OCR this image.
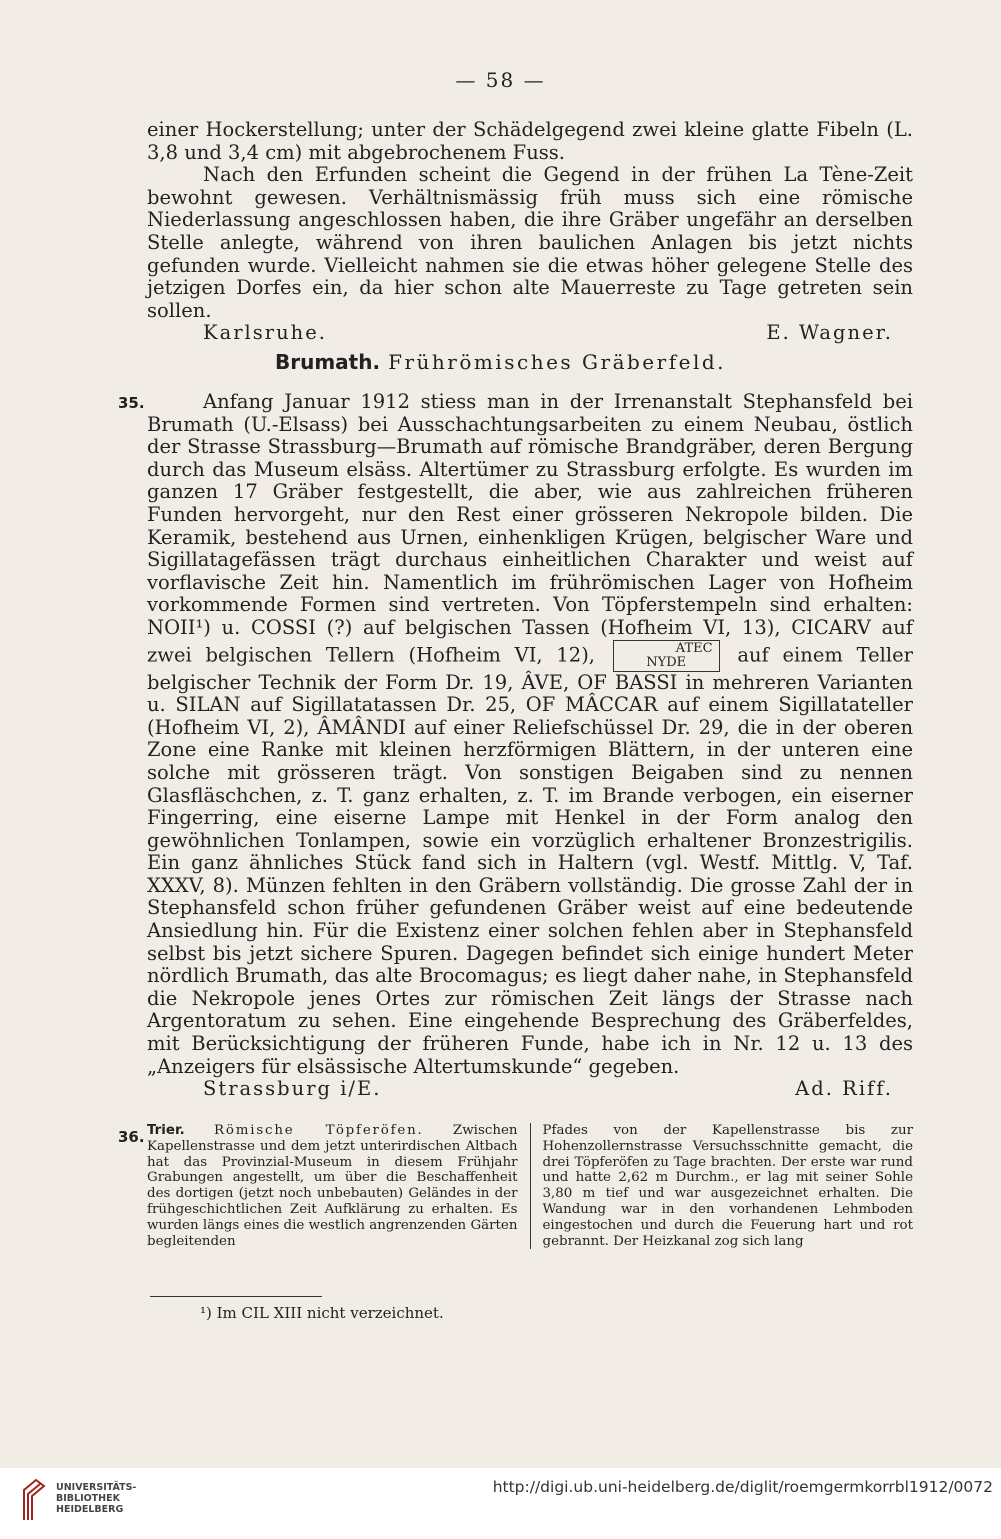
— 58 —

einer Hockerstellung; unter der Schädelgegend zwei kleine glatte Fibeln (L. 3,8 und 3,4 cm) mit abgebrochenem Fuss.

Nach den Erfunden scheint die Gegend in der frühen La Tène-Zeit bewohnt gewesen. Verhältnismässig früh muss sich eine römische Niederlassung angeschlossen haben, die ihre Gräber ungefähr an derselben Stelle anlegte, während von ihren baulichen Anlagen bis jetzt nichts gefunden wurde. Vielleicht nahmen sie die etwas höher gelegene Stelle des jetzigen Dorfes ein, da hier schon alte Mauerreste zu Tage getreten sein sollen.

Karlsruhe.	E. Wagner.
Brumath. Frührömisches Gräberfeld.
35.	Anfang Januar 1912 stiess man in der Irrenanstalt Stephansfeld bei Brumath (U.-Elsass) bei Ausschachtungsarbeiten zu einem Neubau, östlich der Strasse Strassburg—Brumath auf römische Brandgräber, deren Bergung durch das Museum elsäss. Altertümer zu Strassburg erfolgte. Es wurden im ganzen 17 Gräber festgestellt, die aber, wie aus zahlreichen früheren Funden hervorgeht, nur den Rest einer grösseren Nekropole bilden. Die Keramik, bestehend aus Urnen, einhenkligen Krügen, belgischer Ware und Sigillatagefässen trägt durchaus einheitlichen Charakter und weist auf vorflavische Zeit hin. Namentlich im frührömischen Lager von Hofheim vorkommende Formen sind vertreten. Von Töpferstempeln sind erhalten: NOII¹) u. COSSI (?) auf belgischen Tassen (Hofheim VI, 13), CICARV auf zwei belgischen Tellern (Hofheim VI, 12),	ATEC
NYDE	auf einem Teller belgischer Technik der Form Dr. 19, ÂVE, OF BASSI in mehreren Varianten u. SILAN auf Sigillatatassen Dr. 25, OF MÂCCAR auf einem Sigillatateller (Hofheim VI, 2), ÂMÂNDI auf einer Reliefschüssel Dr. 29, die in der oberen Zone eine Ranke mit kleinen herzförmigen Blättern, in der unteren eine solche mit grösseren trägt. Von sonstigen Beigaben sind zu nennen Glasfläschchen, z. T. ganz erhalten, z. T. im Brande verbogen, ein eiserner Fingerring, eine eiserne Lampe mit Henkel in der Form analog den gewöhnlichen Tonlampen, sowie ein vorzüglich erhaltener Bronzestrigilis. Ein ganz ähnliches Stück fand sich in Haltern (vgl. Westf. Mittlg. V, Taf. XXXV, 8). Münzen fehlten in den Gräbern vollständig. Die grosse Zahl der in Stephansfeld schon früher gefundenen Gräber weist auf eine bedeutende Ansiedlung hin. Für die Existenz einer solchen fehlen aber in Stephansfeld selbst bis jetzt sichere Spuren. Dagegen befindet sich einige hundert Meter nördlich Brumath, das alte Brocomagus; es liegt daher nahe, in Stephansfeld die Nekropole jenes Ortes zur römischen Zeit längs der Strasse nach Argentoratum zu sehen. Eine eingehende Besprechung des Gräberfeldes, mit Berücksichtigung der früheren Funde, habe ich in Nr. 12 u. 13 des „Anzeigers für elsässische Altertumskunde“ gegeben.

Strassburg i/E.	Ad. Riff.
36. Trier. Römische Töpferöfen. Zwischen Kapellenstrasse und dem jetzt unterirdischen Altbach hat das Provinzial-Museum in diesem Frühjahr Grabungen angestellt, um über die Beschaffenheit des dortigen (jetzt noch unbebauten) Geländes in der frühgeschichtlichen Zeit Aufklärung zu erhalten. Es wurden längs eines die westlich angrenzenden Gärten begleitenden
Pfades von der Kapellenstrasse bis zur Hohenzollernstrasse Versuchsschnitte gemacht, die drei Töpferöfen zu Tage brachten. Der erste war rund und hatte 2,62 m Durchm., er lag mit seiner Sohle 3,80 m tief und war ausgezeichnet erhalten. Die Wandung war in den vorhandenen Lehmboden eingestochen und durch die Feuerung hart und rot gebrannt. Der Heizkanal zog sich lang
¹) Im CIL XIII nicht verzeichnet.
UNIVERSITÄTS-
BIBLIOTHEK
HEIDELBERG
http://digi.ub.uni-heidelberg.de/diglit/roemgermkorrbl1912/0072
